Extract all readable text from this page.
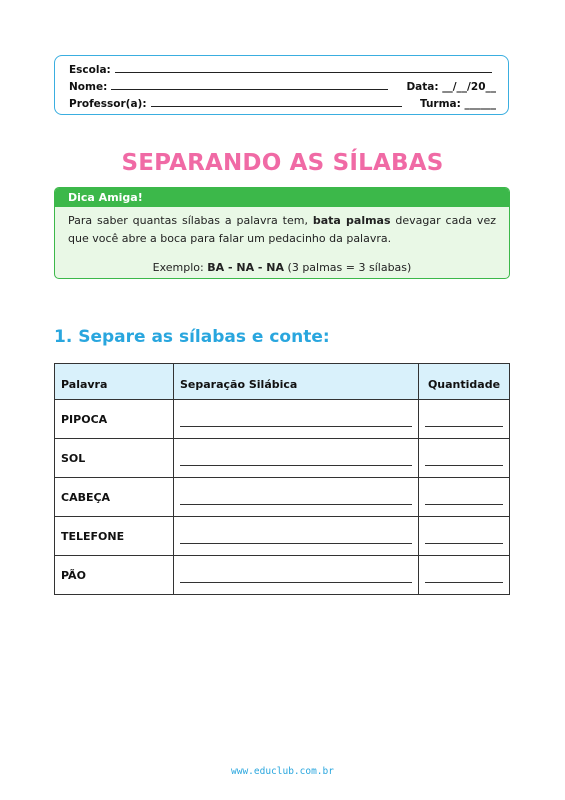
Escola:
Nome:	Data: __/__/20__
Professor(a):	Turma: ______
SEPARANDO AS SÍLABAS
Dica Amiga!
Para saber quantas sílabas a palavra tem, bata palmas devagar cada vez que você abre a boca para falar um pedacinho da palavra.
Exemplo: BA - NA - NA (3 palmas = 3 sílabas)
1. Separe as sílabas e conte:
Palavra	Separação Silábica	Quantidade
PIPOCA	

SOL	

CABEÇA	

TELEFONE	

PÃO	

www.educlub.com.br
